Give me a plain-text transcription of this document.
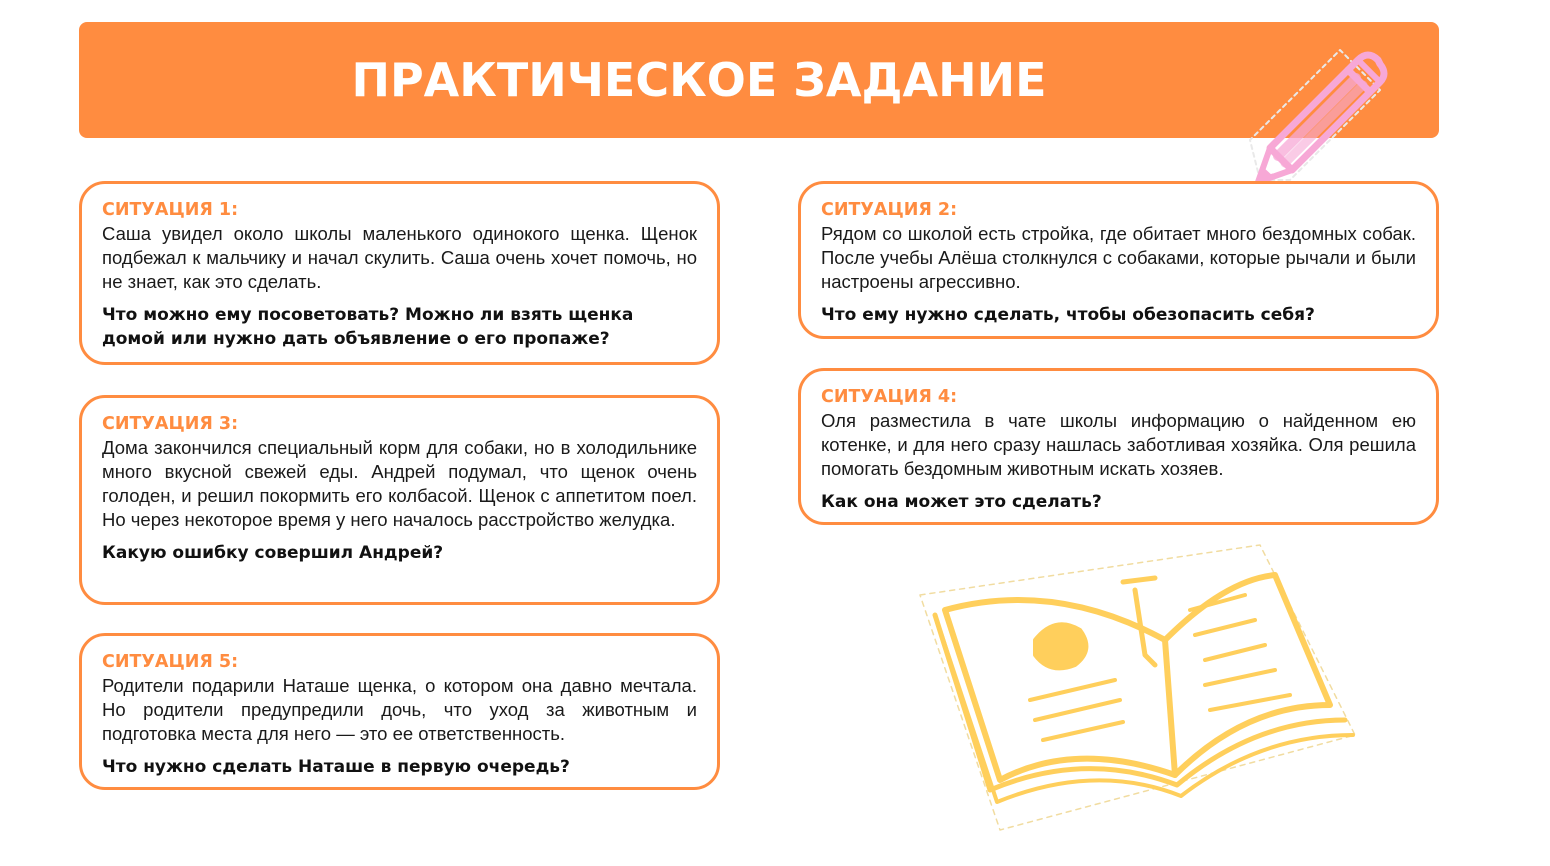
ПРАКТИЧЕСКОЕ ЗАДАНИЕ
СИТУАЦИЯ 1:
Саша увидел около школы маленького одинокого щенка. Щенок подбежал к мальчику и начал скулить. Саша очень хочет помочь, но не знает, как это сделать.
Что можно ему посоветовать? Можно ли взять щенка домой или нужно дать объявление о его пропаже?
СИТУАЦИЯ 2:
Рядом со школой есть стройка, где обитает много бездомных собак. После учебы Алёша столкнулся с собаками, которые рычали и были настроены агрессивно.
Что ему нужно сделать, чтобы обезопасить себя?
СИТУАЦИЯ 3:
Дома закончился специальный корм для собаки, но в холодильнике много вкусной свежей еды. Андрей подумал, что щенок очень голоден, и решил покормить его колбасой. Щенок с аппетитом поел. Но через некоторое время у него началось расстройство желудка.
Какую ошибку совершил Андрей?
СИТУАЦИЯ 4:
Оля разместила в чате школы информацию о найденном ею котенке, и для него сразу нашлась заботливая хозяйка. Оля решила помогать бездомным животным искать хозяев.
Как она может это сделать?
СИТУАЦИЯ 5:
Родители подарили Наташе щенка, о котором она давно мечтала. Но родители предупредили дочь, что уход за животным и подготовка места для него — это ее ответственность.
Что нужно сделать Наташе в первую очередь?
